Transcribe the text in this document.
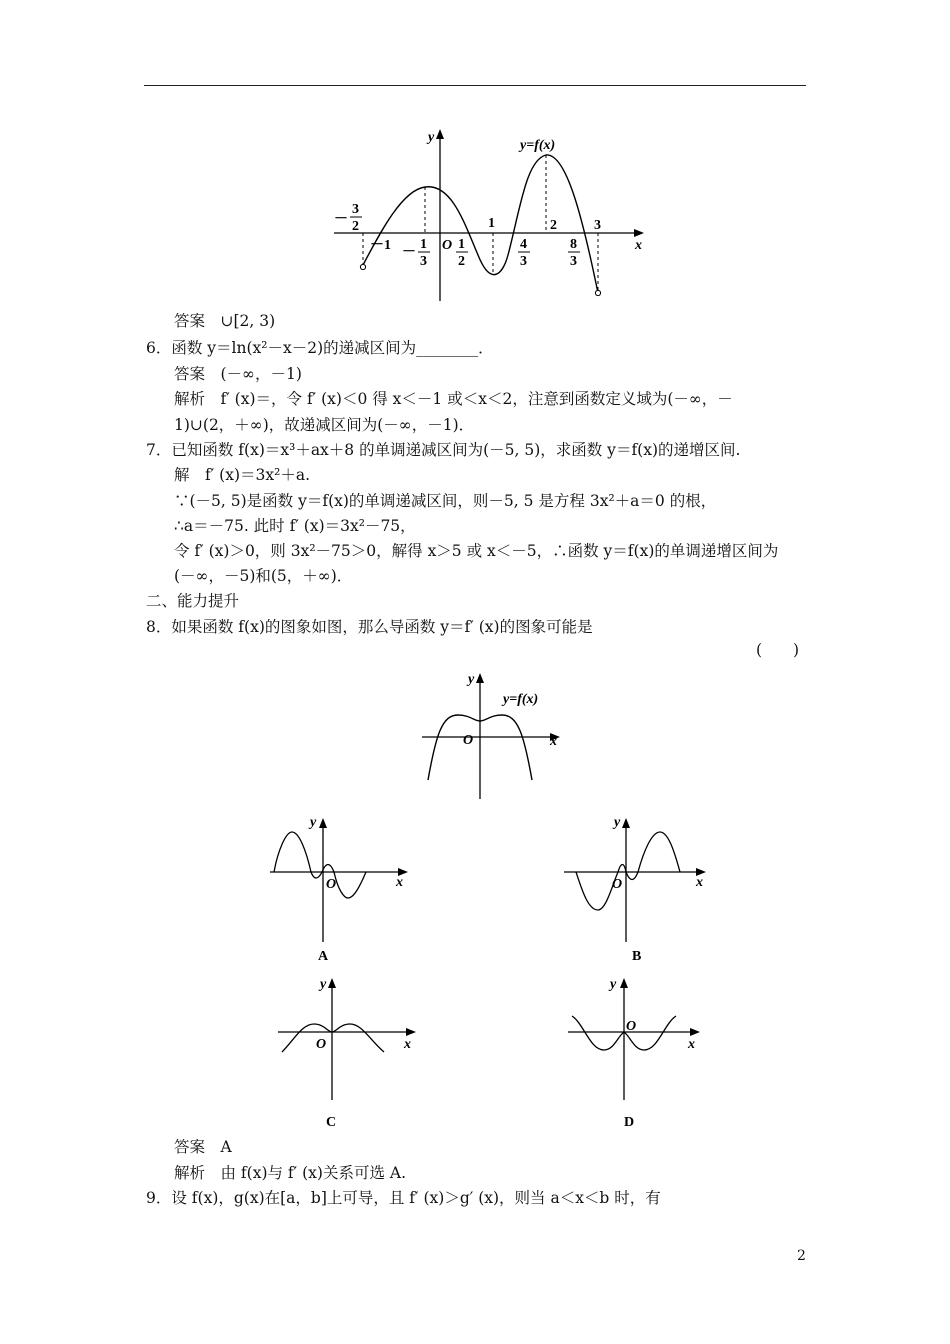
y
x
y=f(x)
O
－
3
2
－1 －
1
3
1
2
1
4
3
2
8
3
3
答案　∪[2, 3)
6．函数 y＝ln(x²－x－2)的递减区间为________．
答案　(－∞，－1)
解析　f′ (x)＝，令 f′ (x)＜0 得 x＜－1 或＜x＜2，注意到函数定义域为(－∞，－
1)∪(2，＋∞)，故递减区间为(－∞，－1)．
7．已知函数 f(x)＝x³＋ax＋8 的单调递减区间为(－5, 5)，求函数 y＝f(x)的递增区间.
解　f′ (x)＝3x²＋a.
∵(－5, 5)是函数 y＝f(x)的单调递减区间，则－5, 5 是方程 3x²＋a＝0 的根，
∴a＝－75. 此时 f′ (x)＝3x²－75，
令 f′ (x)＞0，则 3x²－75＞0，解得 x＞5 或 x＜－5，∴函数 y＝f(x)的单调递增区间为
(－∞，－5)和(5，＋∞)．
二、能力提升
8．如果函数 f(x)的图象如图，那么导函数 y＝f′ (x)的图象可能是
(　　)
y
x
y=f(x)
O
y
x
O
A
y
x
O
B
y
x
O
C
y
x
O
D
答案　A
解析　由 f(x)与 f′ (x)关系可选 A.
9．设 f(x)，g(x)在[a，b]上可导，且 f′ (x)＞g′ (x)，则当 a＜x＜b 时，有
2
